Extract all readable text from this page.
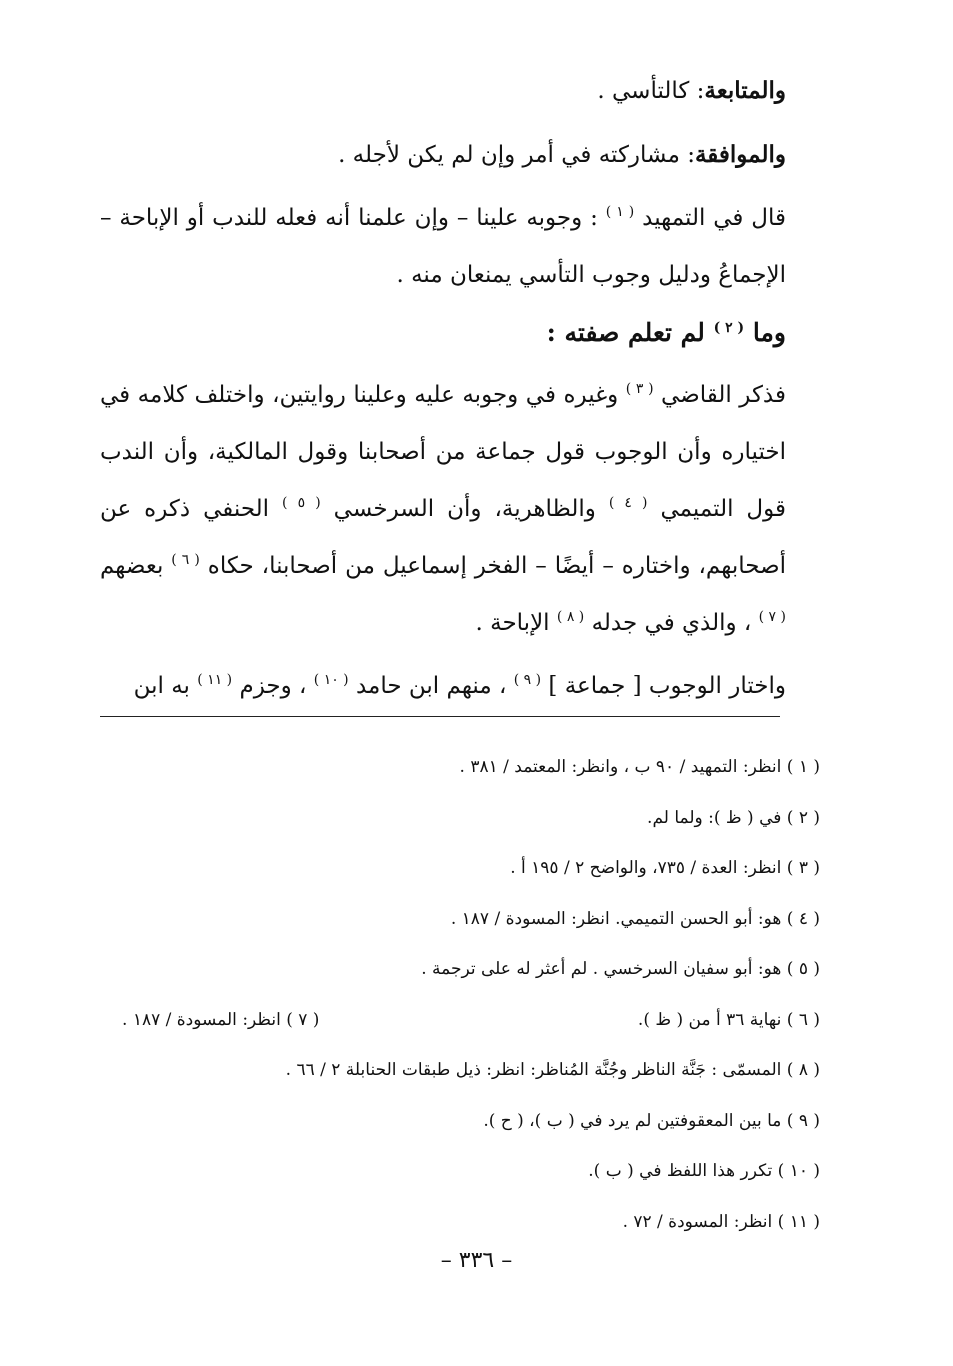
والمتابعة: كالتأسي .

والموافقة: مشاركته في أمر وإن لم يكن لأجله .

قال في التمهيد $^{( ١ )}$ : وجوبه علينا – وإن علمنا أنه فعله للندب أو الإباحة – الإجماعُ ودليل وجوب التأسي يمنعان منه .

وما $^{( ٢ )}$ لم تعلم صفته :

فذكر القاضي $^{( ٣ )}$ وغيره في وجوبه عليه وعلينا روايتين، واختلف كلامه في اختياره وأن الوجوب قول جماعة من أصحابنا وقول المالكية، وأن الندب قول التميمي $^{( ٤ )}$ والظاهرية، وأن السرخسي $^{( ٥ )}$ الحنفي ذكره عن أصحابهم، واختاره – أيضًا – الفخر إسماعيل من أصحابنا، حكاه $^{( ٦ )}$ بعضهم $^{( ٧ )}$ ، والذي في جدله $^{( ٨ )}$ الإباحة .

واختار الوجوب [ جماعة ] $^{( ٩ )}$ ، منهم ابن حامد $^{( ١٠ )}$ ، وجزم $^{( ١١ )}$ به ابن

( ١ ) انظر: التمهيد / ٩٠ ب ، وانظر: المعتمد / ٣٨١ .

( ٢ ) في ( ظ ): ولما لم.

( ٣ ) انظر: العدة / ٧٣٥، والواضح ٢ / ١٩٥ أ .

( ٤ ) هو: أبو الحسن التميمي. انظر: المسودة / ١٨٧ .

( ٥ ) هو: أبو سفيان السرخسي . لم أعثر له على ترجمة .

( ٦ ) نهاية ٣٦ أ من ( ظ ).
( ٧ ) انظر: المسودة / ١٨٧ .

( ٨ ) المسمّى : جَنَّة الناظر وجُنَّة المُناظر: انظر: ذيل طبقات الحنابلة ٢ / ٦٦ .

( ٩ ) ما بين المعقوفتين لم يرد في ( ب )، ( ح ).

( ١٠ ) تكرر هذا اللفظ في ( ب ).

( ١١ ) انظر: المسودة / ٧٢ .

– ٣٣٦ –
